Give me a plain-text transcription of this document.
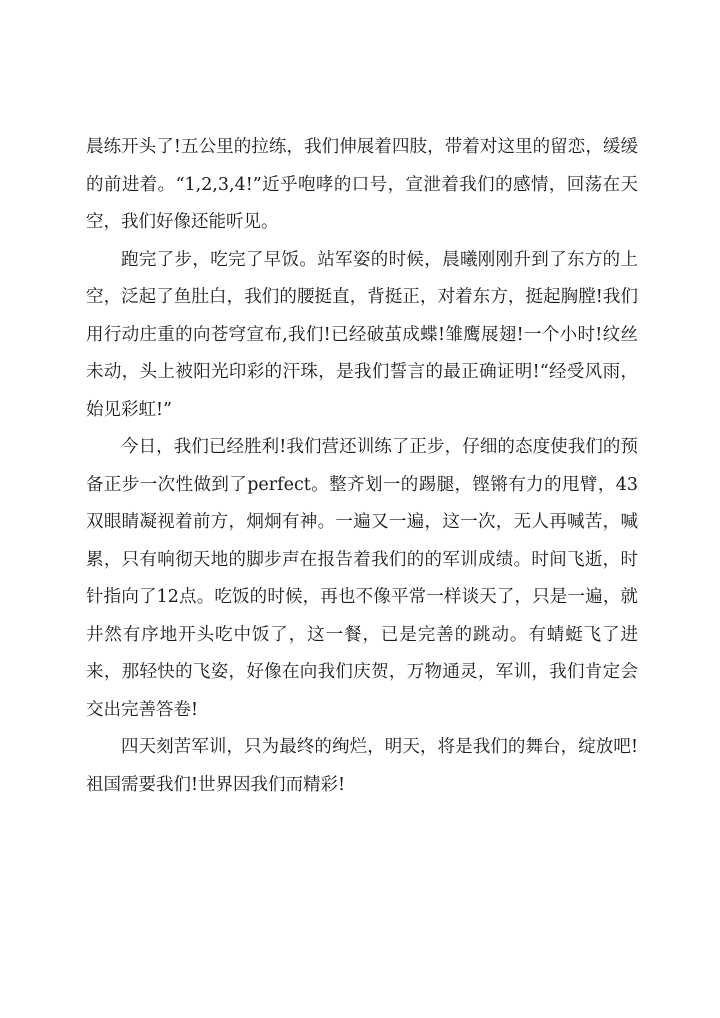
晨练开头了!五公里的拉练，我们伸展着四肢，带着对这里的留恋，缓缓的前进着。“1,2,3,4!”近乎咆哮的口号，宣泄着我们的感情，回荡在天空，我们好像还能听见。

跑完了步，吃完了早饭。站军姿的时候，晨曦刚刚升到了东方的上空，泛起了鱼肚白，我们的腰挺直，背挺正，对着东方，挺起胸膛!我们用行动庄重的向苍穹宣布,我们!已经破茧成蝶!雏鹰展翅!一个小时!纹丝未动，头上被阳光印彩的汗珠，是我们誓言的最正确证明!“经受风雨，始见彩虹!”

今日，我们已经胜利!我们营还训练了正步，仔细的态度使我们的预备正步一次性做到了perfect。整齐划一的踢腿，铿锵有力的甩臂，43双眼睛凝视着前方，炯炯有神。一遍又一遍，这一次，无人再喊苦，喊累，只有响彻天地的脚步声在报告着我们的的军训成绩。时间飞逝，时针指向了12点。吃饭的时候，再也不像平常一样谈天了，只是一遍，就井然有序地开头吃中饭了，这一餐，已是完善的跳动。有蜻蜓飞了进来，那轻快的飞姿，好像在向我们庆贺，万物通灵，军训，我们肯定会交出完善答卷!

四天刻苦军训，只为最终的绚烂，明天，将是我们的舞台，绽放吧!祖国需要我们!世界因我们而精彩!
